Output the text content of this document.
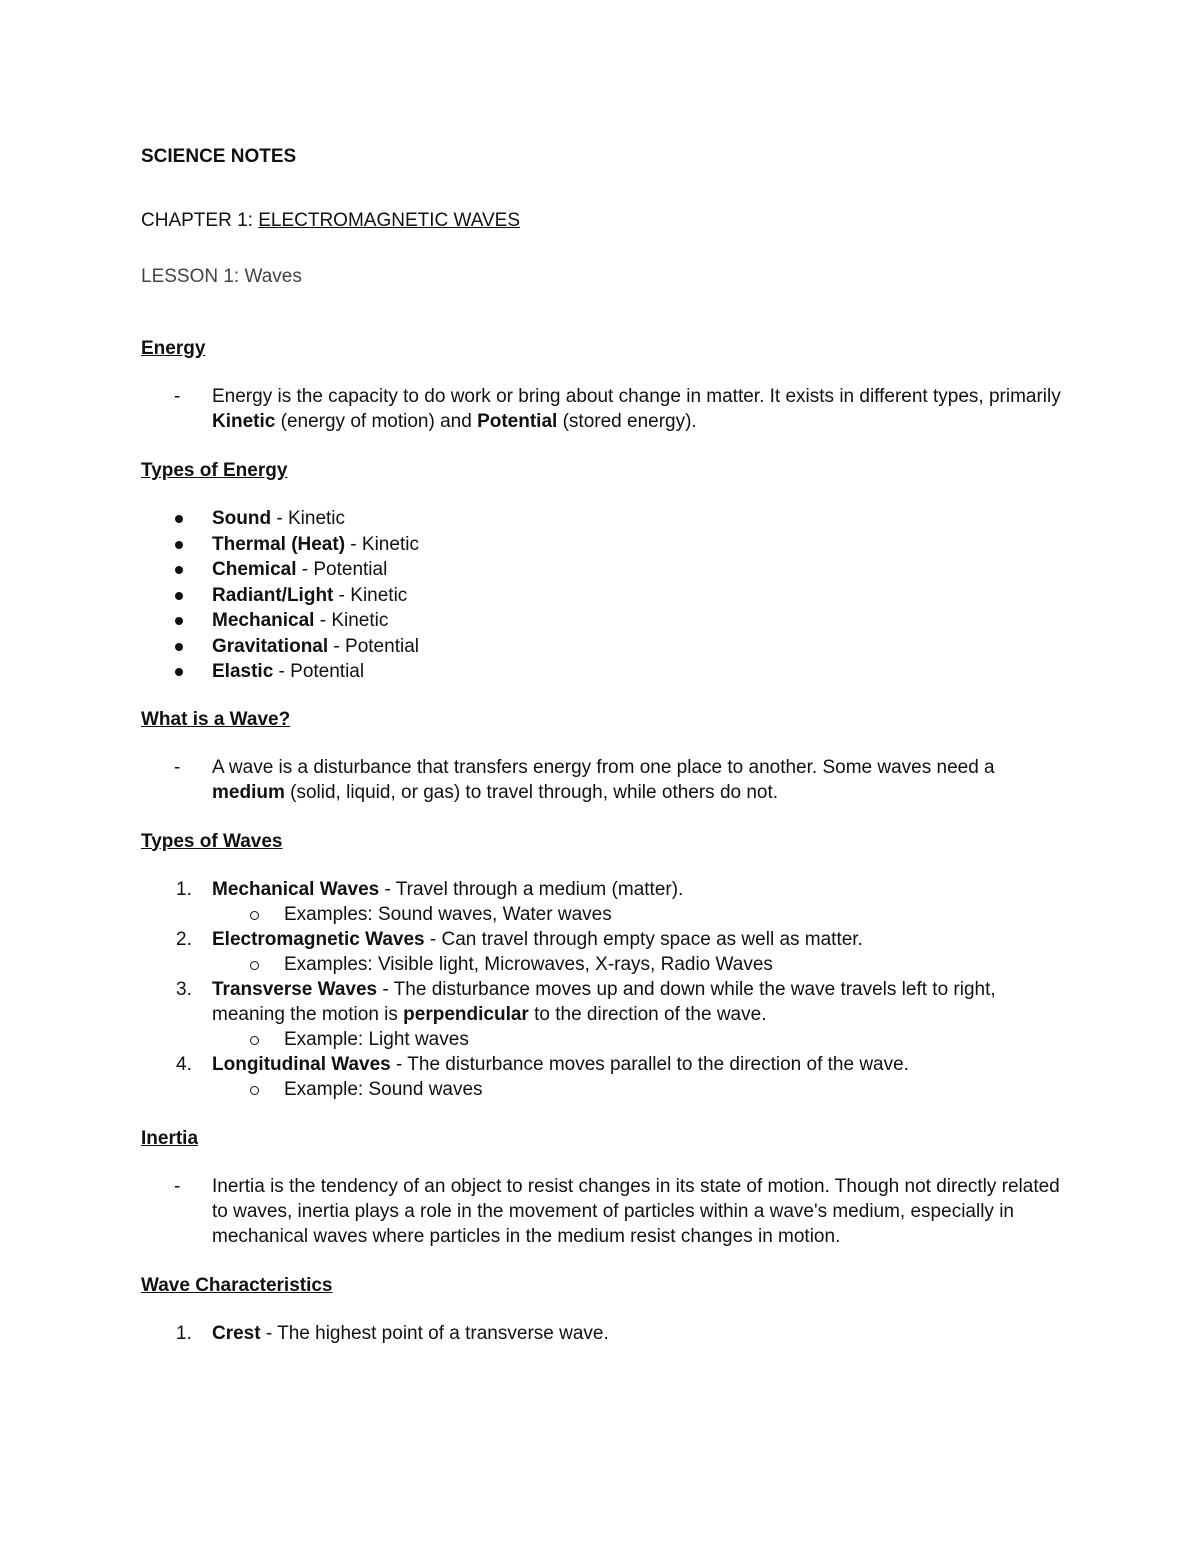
SCIENCE NOTES
CHAPTER 1: ELECTROMAGNETIC WAVES
LESSON 1: Waves
Energy
- Energy is the capacity to do work or bring about change in matter. It exists in different types, primarily Kinetic (energy of motion) and Potential (stored energy).
Types of Energy
Sound - Kinetic
Thermal (Heat) - Kinetic
Chemical - Potential
Radiant/Light - Kinetic
Mechanical - Kinetic
Gravitational - Potential
Elastic - Potential
What is a Wave?
- A wave is a disturbance that transfers energy from one place to another. Some waves need a medium (solid, liquid, or gas) to travel through, while others do not.
Types of Waves
1. Mechanical Waves - Travel through a medium (matter).
Examples: Sound waves, Water waves
2. Electromagnetic Waves - Can travel through empty space as well as matter.
Examples: Visible light, Microwaves, X-rays, Radio Waves
3. Transverse Waves - The disturbance moves up and down while the wave travels left to right, meaning the motion is perpendicular to the direction of the wave.
Example: Light waves
4. Longitudinal Waves - The disturbance moves parallel to the direction of the wave.
Example: Sound waves
Inertia
- Inertia is the tendency of an object to resist changes in its state of motion. Though not directly related to waves, inertia plays a role in the movement of particles within a wave's medium, especially in mechanical waves where particles in the medium resist changes in motion.
Wave Characteristics
1. Crest - The highest point of a transverse wave.
